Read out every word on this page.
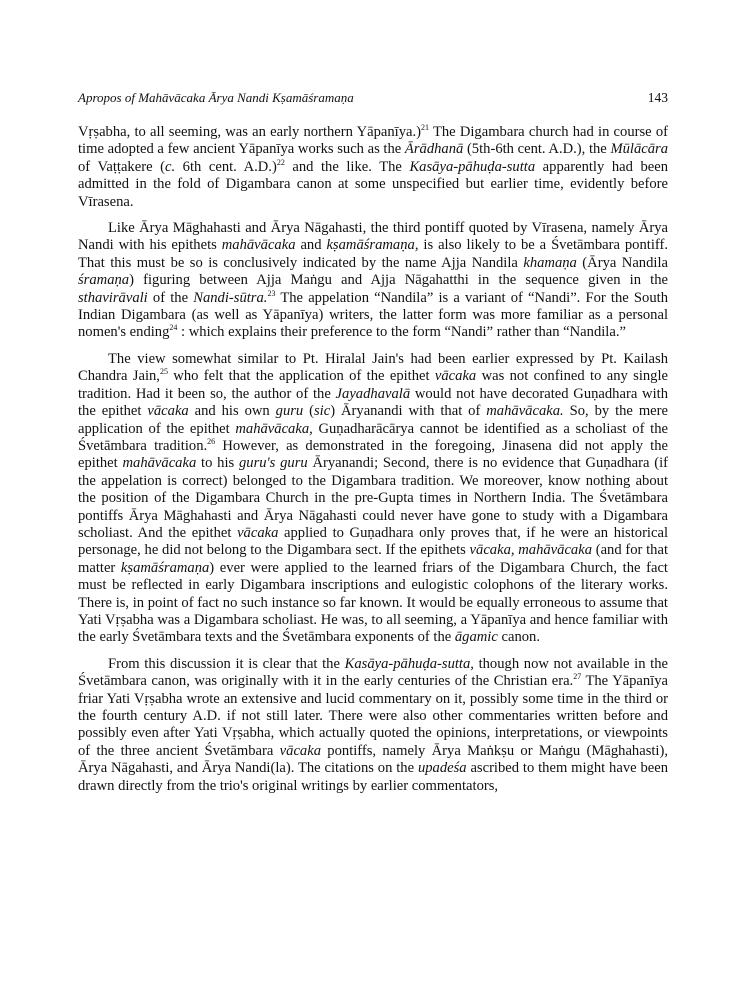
Apropos of Mahāvācaka Ārya Nandi Kṣamāśramaṇa	143

Vṛṣabha, to all seeming, was an early northern Yāpanīya.)$^{21}$ The Digambara church had in course of time adopted a few ancient Yāpanīya works such as the Ārādhanā (5th-6th cent. A.D.), the Mūlācāra of Vaṭṭakere (c. 6th cent. A.D.)$^{22}$ and the like. The Kasāya-pāhuḍa-sutta apparently had been admitted in the fold of Digambara canon at some unspecified but earlier time, evidently before Vīrasena.

Like Ārya Māghahasti and Ārya Nāgahasti, the third pontiff quoted by Vīrasena, namely Ārya Nandi with his epithets mahāvācaka and kṣamāśramaṇa, is also likely to be a Śvetāmbara pontiff. That this must be so is conclusively indicated by the name Ajja Nandila khamaṇa (Ārya Nandila śramaṇa) figuring between Ajja Maṅgu and Ajja Nāgahatthi in the sequence given in the sthavirāvali of the Nandi-sūtra.$^{23}$ The appelation “Nandila” is a variant of “Nandi”. For the South Indian Digambara (as well as Yāpanīya) writers, the latter form was more familiar as a personal nomen's ending$^{24}$ : which explains their preference to the form “Nandi” rather than “Nandila.”

The view somewhat similar to Pt. Hiralal Jain's had been earlier expressed by Pt. Kailash Chandra Jain,$^{25}$ who felt that the application of the epithet vācaka was not confined to any single tradition. Had it been so, the author of the Jayadhavalā would not have decorated Guṇadhara with the epithet vācaka and his own guru (sic) Āryanandi with that of mahāvācaka. So, by the mere application of the epithet mahāvācaka, Guṇadharācārya cannot be identified as a scholiast of the Śvetāmbara tradition.$^{26}$ However, as demonstrated in the foregoing, Jinasena did not apply the epithet mahāvācaka to his guru's guru Āryanandi; Second, there is no evidence that Guṇadhara (if the appelation is correct) belonged to the Digambara tradition. We moreover, know nothing about the position of the Digambara Church in the pre-Gupta times in Northern India. The Śvetāmbara pontiffs Ārya Māghahasti and Ārya Nāgahasti could never have gone to study with a Digambara scholiast. And the epithet vācaka applied to Guṇadhara only proves that, if he were an historical personage, he did not belong to the Digambara sect. If the epithets vācaka, mahāvācaka (and for that matter kṣamāśramaṇa) ever were applied to the learned friars of the Digambara Church, the fact must be reflected in early Digambara inscriptions and eulogistic colophons of the literary works. There is, in point of fact no such instance so far known. It would be equally erroneous to assume that Yati Vṛṣabha was a Digambara scholiast. He was, to all seeming, a Yāpanīya and hence familiar with the early Śvetāmbara texts and the Śvetāmbara exponents of the āgamic canon.

From this discussion it is clear that the Kasāya-pāhuḍa-sutta, though now not available in the Śvetāmbara canon, was originally with it in the early centuries of the Christian era.$^{27}$ The Yāpanīya friar Yati Vṛṣabha wrote an extensive and lucid commentary on it, possibly some time in the third or the fourth century A.D. if not still later. There were also other commentaries written before and possibly even after Yati Vṛṣabha, which actually quoted the opinions, interpretations, or viewpoints of the three ancient Śvetāmbara vācaka pontiffs, namely Ārya Maṅkṣu or Maṅgu (Māghahasti), Ārya Nāgahasti, and Ārya Nandi(la). The citations on the upadeśa ascribed to them might have been drawn directly from the trio's original writings by earlier commentators,
